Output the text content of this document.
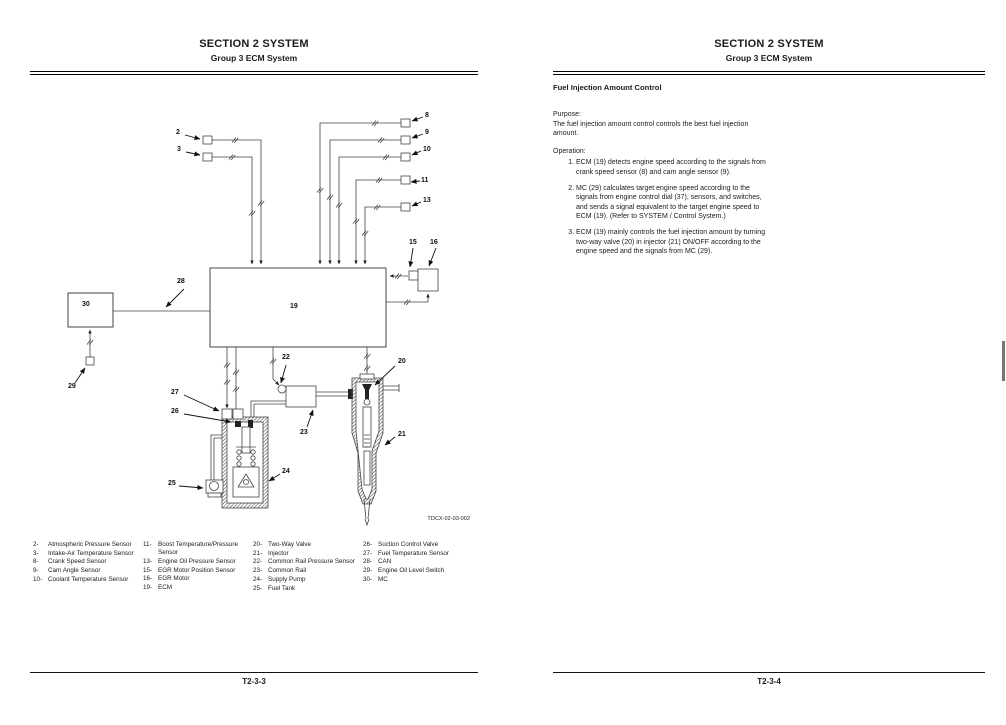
SECTION 2 SYSTEM
Group 3 ECM System
2
3
8
9
10
11
13
15 16
19
28
30
29
22
20
23	21
27
26
24
25
TDCX-02-03-002
2-	Atmospheric Pressure Sensor
3-	Intake-Air Temperature Sensor
8-	Crank Speed Sensor
9-	Cam Angle Sensor
10- Coolant Temperature Sensor
11-	Boost Temperature/Pressure Sensor
13- Engine Oil Pressure Sensor
15- EGR Motor Position Sensor
16- EGR Motor
19- ECM
20- Two-Way Valve
21- Injector
22- Common Rail Pressure Sensor
23- Common Rail
24- Supply Pump
25- Fuel Tank
26- Suction Control Valve
27- Fuel Temperature Sensor
28- CAN
29- Engine Oil Level Switch
30- MC
T2-3-3
SECTION 2 SYSTEM
Group 3 ECM System
Fuel Injection Amount Control

Purpose:

The fuel injection amount control controls the best fuel injection amount.

Operation:

1. ECM (19) detects engine speed according to the signals from crank speed sensor (8) and cam angle sensor (9).
2. MC (29) calculates target engine speed according to the signals from engine control dial (37), sensors, and switches, and sends a signal equivalent to the target engine speed to ECM (19). (Refer to SYSTEM / Control System.)
3. ECM (19) mainly controls the fuel injection amount by turning two-way valve (20) in injector (21) ON/OFF according to the engine speed and the signals from MC (29).
T2-3-4
